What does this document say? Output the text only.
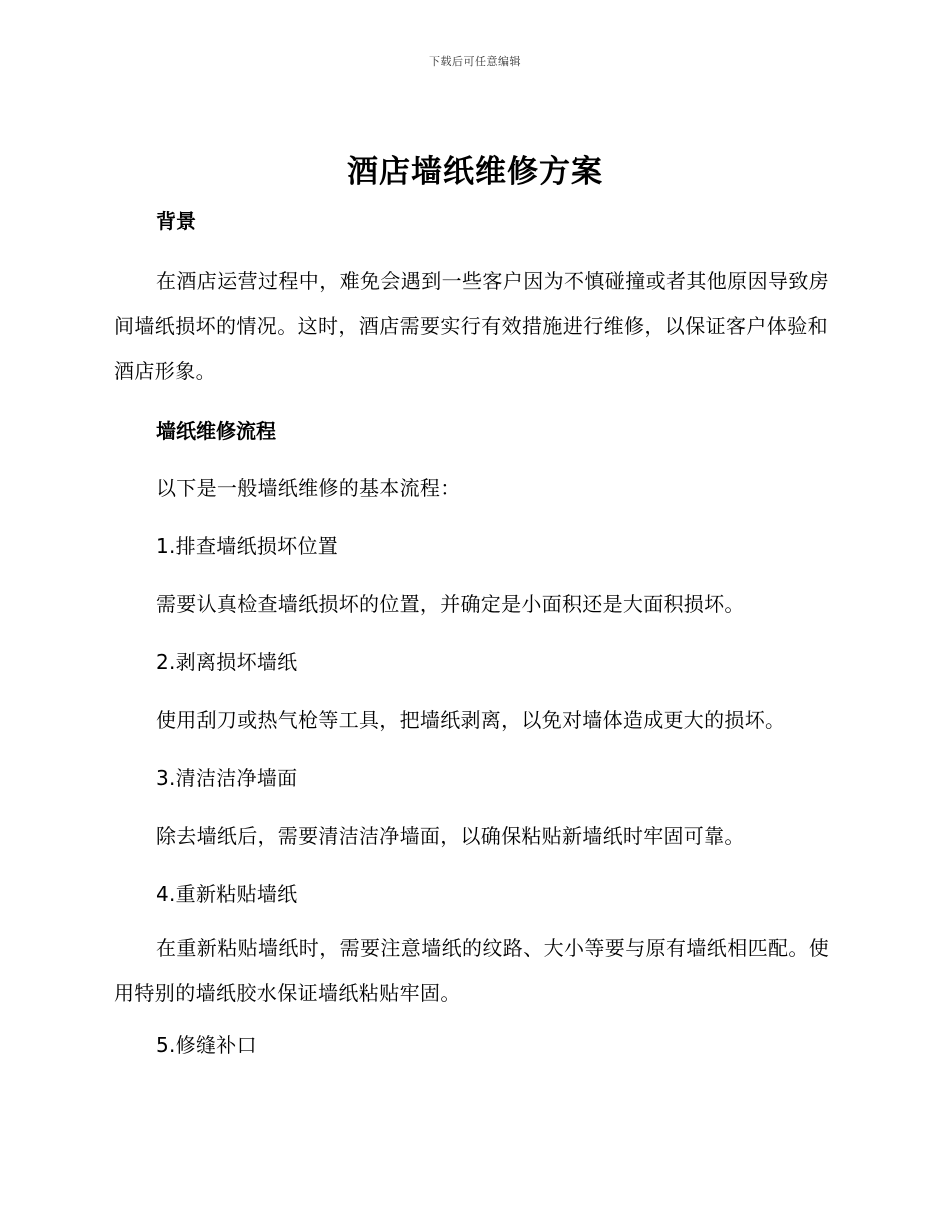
下载后可任意编辑
酒店墙纸维修方案

背景

在酒店运营过程中，难免会遇到一些客户因为不慎碰撞或者其他原因导致房间墙纸损坏的情况。这时，酒店需要实行有效措施进行维修，以保证客户体验和酒店形象。

墙纸维修流程

以下是一般墙纸维修的基本流程：

1.排查墙纸损坏位置

需要认真检查墙纸损坏的位置，并确定是小面积还是大面积损坏。

2.剥离损坏墙纸

使用刮刀或热气枪等工具，把墙纸剥离，以免对墙体造成更大的损坏。

3.清洁洁净墙面

除去墙纸后，需要清洁洁净墙面，以确保粘贴新墙纸时牢固可靠。

4.重新粘贴墙纸

在重新粘贴墙纸时，需要注意墙纸的纹路、大小等要与原有墙纸相匹配。使用特别的墙纸胶水保证墙纸粘贴牢固。

5.修缝补口
